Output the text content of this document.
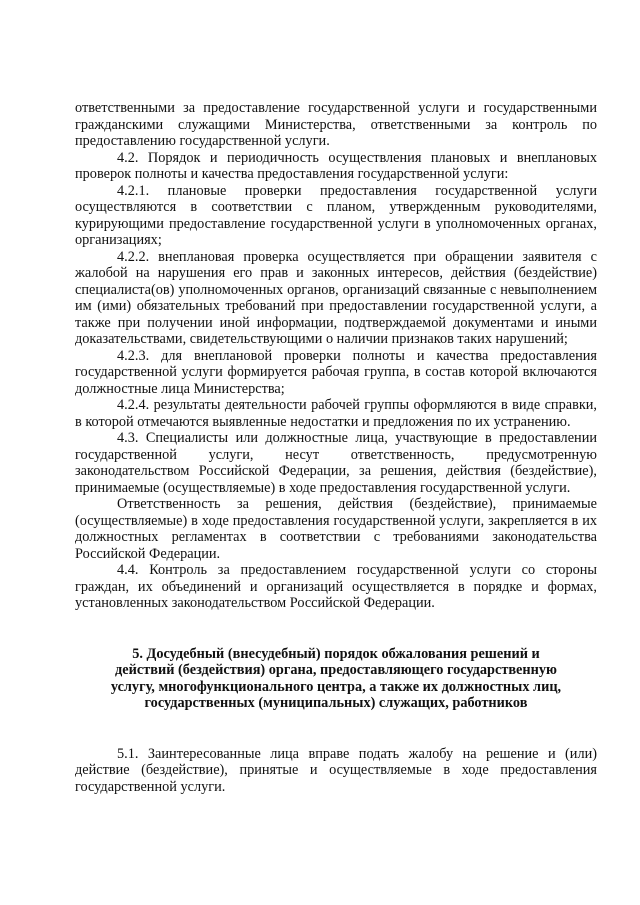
ответственными за предоставление государственной услуги и государственными гражданскими служащими Министерства, ответственными за контроль по предоставлению государственной услуги.

4.2. Порядок и периодичность осуществления плановых и внеплановых проверок полноты и качества предоставления государственной услуги:

4.2.1. плановые проверки предоставления государственной услуги осуществляются в соответствии с планом, утвержденным руководителями, курирующими предоставление государственной услуги в уполномоченных органах, организациях;

4.2.2. внеплановая проверка осуществляется при обращении заявителя с жалобой на нарушения его прав и законных интересов, действия (бездействие) специалиста(ов) уполномоченных органов, организаций связанные с невыполнением им (ими) обязательных требований при предоставлении государственной услуги, а также при получении иной информации, подтверждаемой документами и иными доказательствами, свидетельствующими о наличии признаков таких нарушений;

4.2.3. для внеплановой проверки полноты и качества предоставления государственной услуги формируется рабочая группа, в состав которой включаются должностные лица Министерства;

4.2.4. результаты деятельности рабочей группы оформляются в виде справки, в которой отмечаются выявленные недостатки и предложения по их устранению.

4.3. Специалисты или должностные лица, участвующие в предоставлении государственной услуги, несут ответственность, предусмотренную законодательством Российской Федерации, за решения, действия (бездействие), принимаемые (осуществляемые) в ходе предоставления государственной услуги.

Ответственность за решения, действия (бездействие), принимаемые (осуществляемые) в ходе предоставления государственной услуги, закрепляется в их должностных регламентах в соответствии с требованиями законодательства Российской Федерации.

4.4. Контроль за предоставлением государственной услуги со стороны граждан, их объединений и организаций осуществляется в порядке и формах, установленных законодательством Российской Федерации.

5. Досудебный (внесудебный) порядок обжалования решений и действий (бездействия) органа, предоставляющего государственную услугу, многофункционального центра, а также их должностных лиц, государственных (муниципальных) служащих, работников

5.1. Заинтересованные лица вправе подать жалобу на решение и (или) действие (бездействие), принятые и осуществляемые в ходе предоставления государственной услуги.
